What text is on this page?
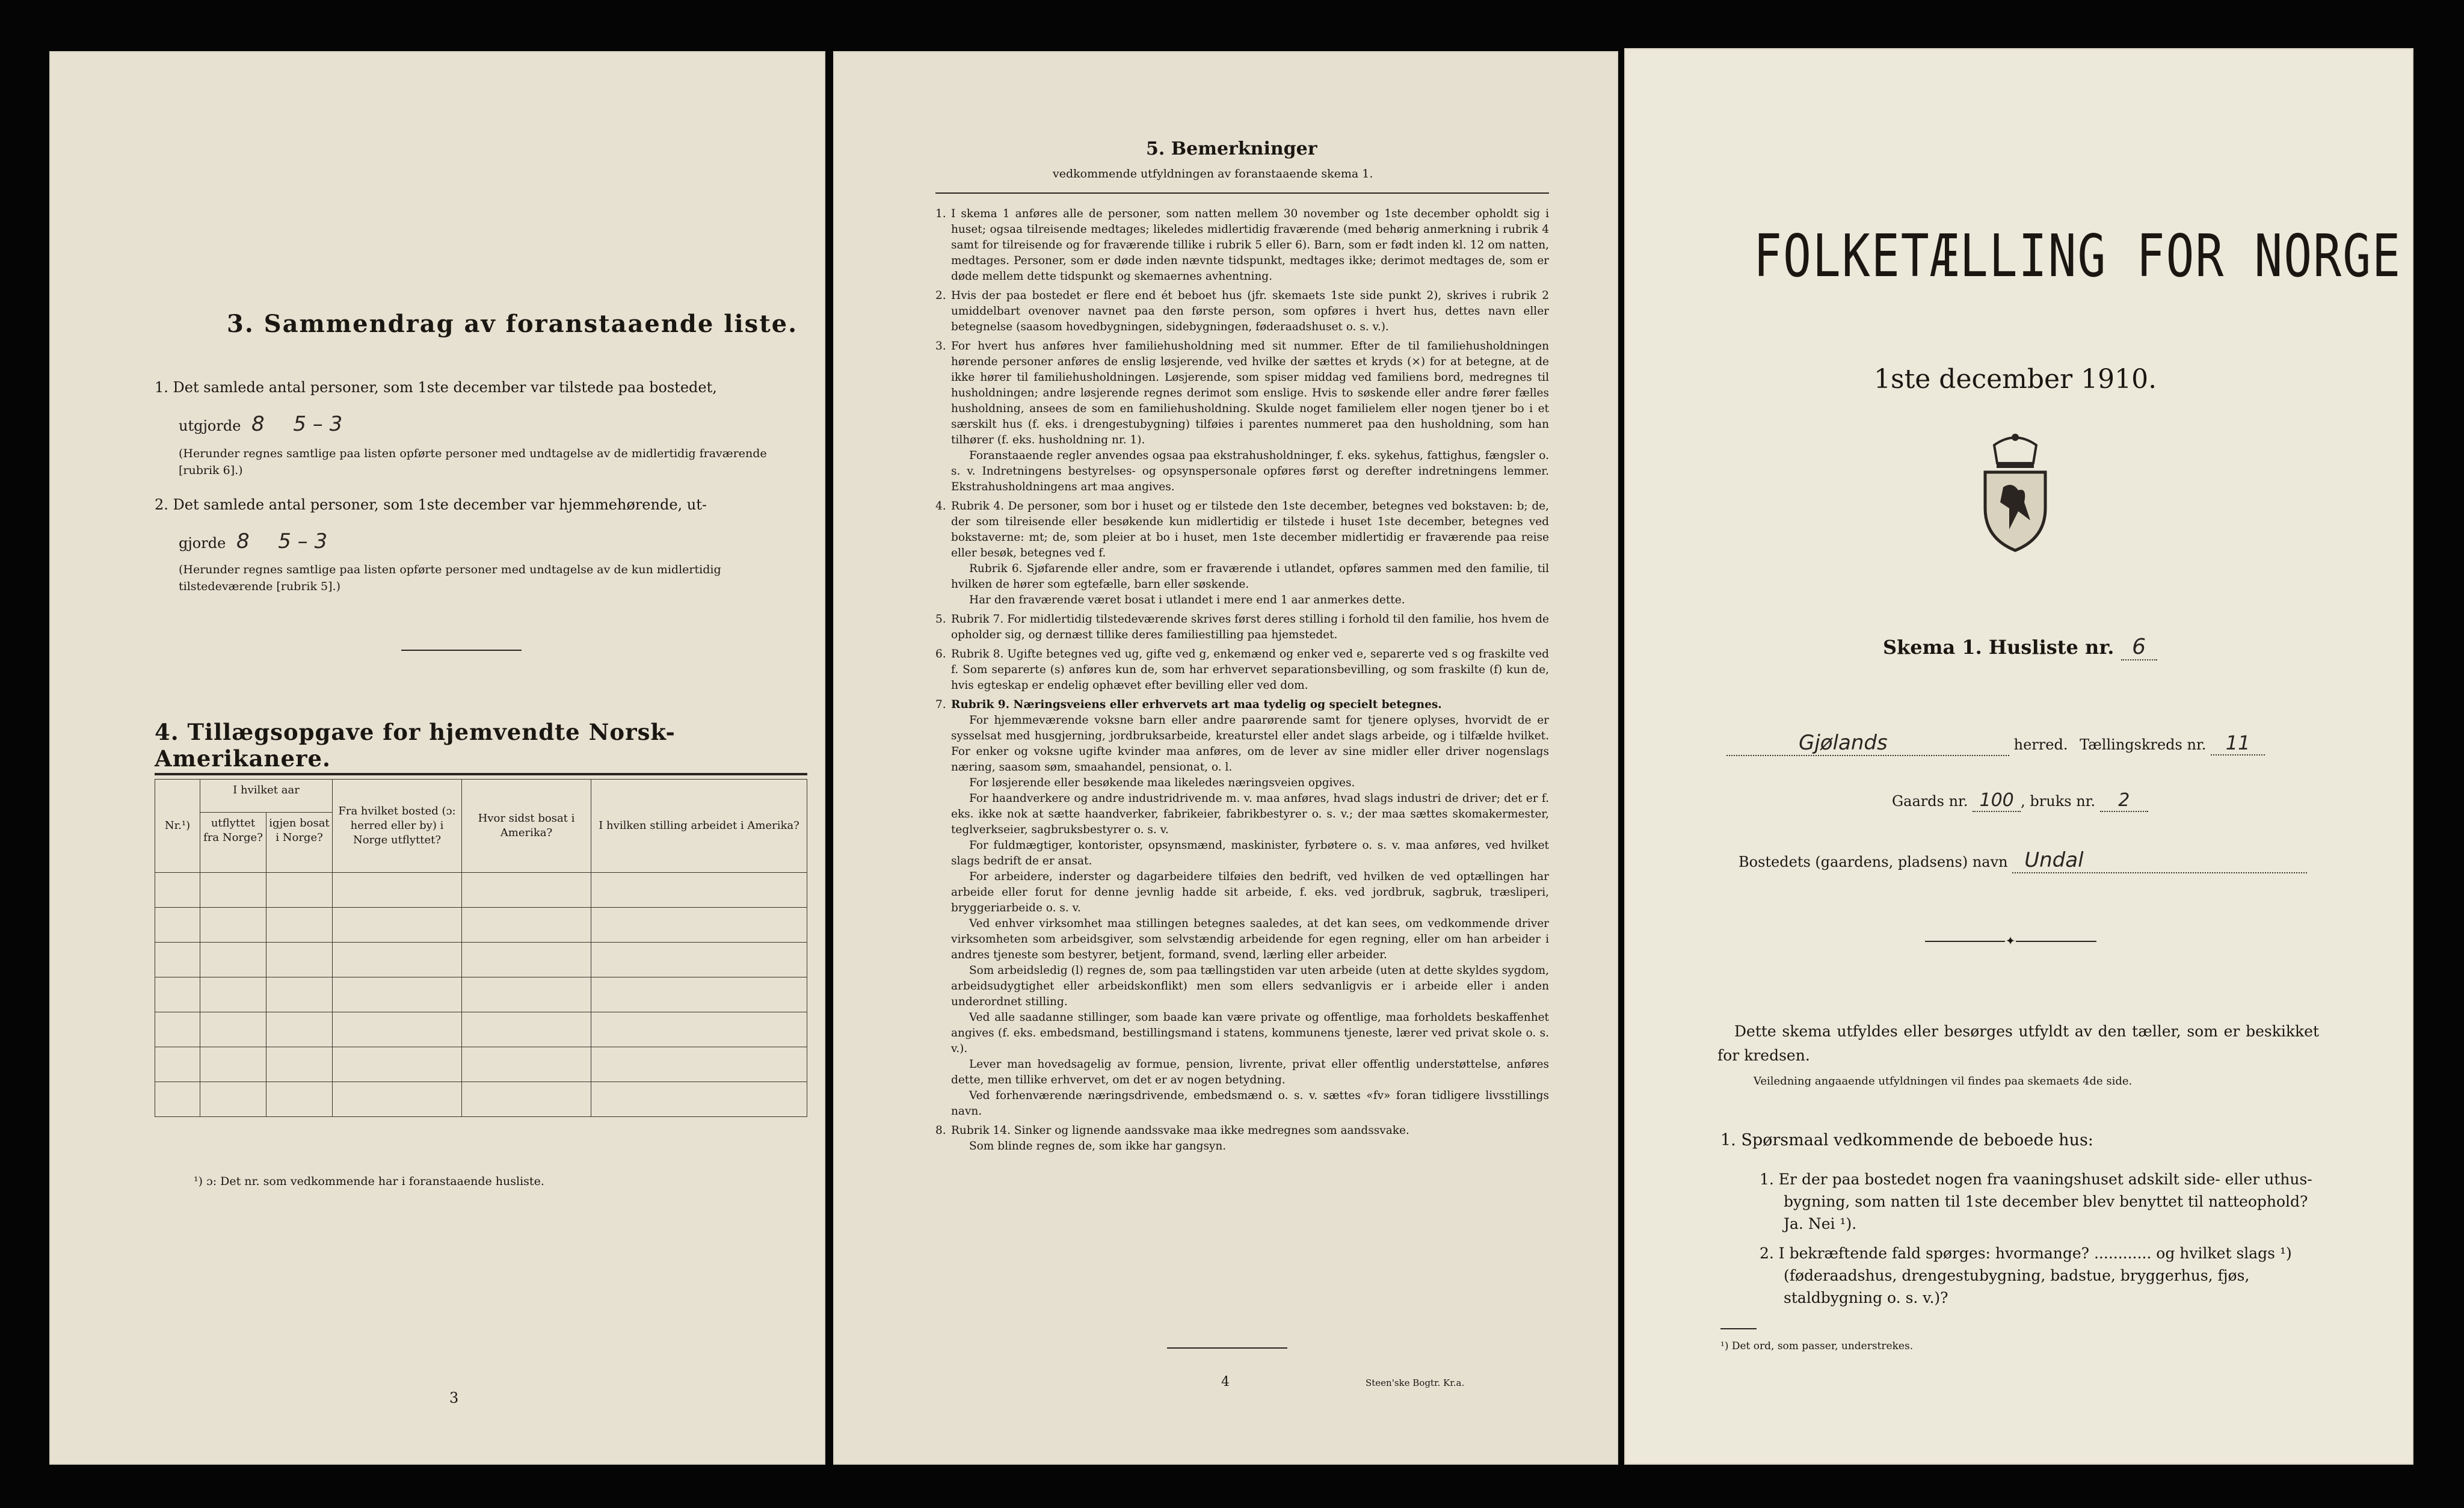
3. Sammendrag av foranstaaende liste.
1. Det samlede antal personer, som 1ste december var tilstede paa bostedet,
utgjorde 8 5 – 3
(Herunder regnes samtlige paa listen opførte personer med undtagelse av de midlertidig fraværende [rubrik 6].)
2. Det samlede antal personer, som 1ste december var hjemmehørende, ut-
gjorde 8 5 – 3
(Herunder regnes samtlige paa listen opførte personer med undtagelse av de kun midlertidig tilstedeværende [rubrik 5].)
4. Tillægsopgave for hjemvendte Norsk-Amerikanere.
Nr.¹)	I hvilket aar		Fra hvilket bosted (ɔ: herred eller by) i Norge utflyttet?	Hvor sidst bosat i Amerika?	I hvilken stilling arbeidet i Amerika?
	utflyttet fra Norge?	igjen bosat i Norge?			

¹) ɔ: Det nr. som vedkommende har i foranstaaende husliste.
3
5. Bemerkninger
vedkommende utfyldningen av foranstaaende skema 1.

1. I skema 1 anføres alle de personer, som natten mellem 30 november og 1ste december opholdt sig i huset; ogsaa tilreisende medtages; likeledes midlertidig fraværende (med behørig anmerkning i rubrik 4 samt for tilreisende og for fraværende tillike i rubrik 5 eller 6). Barn, som er født inden kl. 12 om natten, medtages. Personer, som er døde inden nævnte tidspunkt, medtages ikke; derimot medtages de, som er døde mellem dette tidspunkt og skemaernes avhentning.

2. Hvis der paa bostedet er flere end ét beboet hus (jfr. skemaets 1ste side punkt 2), skrives i rubrik 2 umiddelbart ovenover navnet paa den første person, som opføres i hvert hus, dettes navn eller betegnelse (saasom hovedbygningen, sidebygningen, føderaadshuset o. s. v.).

3. For hvert hus anføres hver familiehusholdning med sit nummer. Efter de til familiehusholdningen hørende personer anføres de enslig løsjerende, ved hvilke der sættes et kryds (×) for at betegne, at de ikke hører til familiehusholdningen. Løsjerende, som spiser middag ved familiens bord, medregnes til husholdningen; andre løsjerende regnes derimot som enslige. Hvis to søskende eller andre fører fælles husholdning, ansees de som en familiehusholdning. Skulde noget familielem eller nogen tjener bo i et særskilt hus (f. eks. i drengestubygning) tilføies i parentes nummeret paa den husholdning, som han tilhører (f. eks. husholdning nr. 1).

Foranstaaende regler anvendes ogsaa paa ekstrahusholdninger, f. eks. sykehus, fattighus, fængsler o. s. v. Indretningens bestyrelses- og opsynspersonale opføres først og derefter indretningens lemmer. Ekstrahusholdningens art maa angives.

4. Rubrik 4. De personer, som bor i huset og er tilstede den 1ste december, betegnes ved bokstaven: b; de, der som tilreisende eller besøkende kun midlertidig er tilstede i huset 1ste december, betegnes ved bokstaverne: mt; de, som pleier at bo i huset, men 1ste december midlertidig er fraværende paa reise eller besøk, betegnes ved f.

Rubrik 6. Sjøfarende eller andre, som er fraværende i utlandet, opføres sammen med den familie, til hvilken de hører som egtefælle, barn eller søskende.

Har den fraværende været bosat i utlandet i mere end 1 aar anmerkes dette.

5. Rubrik 7. For midlertidig tilstedeværende skrives først deres stilling i forhold til den familie, hos hvem de opholder sig, og dernæst tillike deres familiestilling paa hjemstedet.

6. Rubrik 8. Ugifte betegnes ved ug, gifte ved g, enkemænd og enker ved e, separerte ved s og fraskilte ved f. Som separerte (s) anføres kun de, som har erhvervet separationsbevilling, og som fraskilte (f) kun de, hvis egteskap er endelig ophævet efter bevilling eller ved dom.

7. Rubrik 9. Næringsveiens eller erhvervets art maa tydelig og specielt betegnes.

For hjemmeværende voksne barn eller andre paarørende samt for tjenere oplyses, hvorvidt de er sysselsat med husgjerning, jordbruksarbeide, kreaturstel eller andet slags arbeide, og i tilfælde hvilket. For enker og voksne ugifte kvinder maa anføres, om de lever av sine midler eller driver nogenslags næring, saasom søm, smaahandel, pensionat, o. l.

For løsjerende eller besøkende maa likeledes næringsveien opgives.

For haandverkere og andre industridrivende m. v. maa anføres, hvad slags industri de driver; det er f. eks. ikke nok at sætte haandverker, fabrikeier, fabrikbestyrer o. s. v.; der maa sættes skomakermester, teglverkseier, sagbruksbestyrer o. s. v.

For fuldmægtiger, kontorister, opsynsmænd, maskinister, fyrbøtere o. s. v. maa anføres, ved hvilket slags bedrift de er ansat.

For arbeidere, inderster og dagarbeidere tilføies den bedrift, ved hvilken de ved optællingen har arbeide eller forut for denne jevnlig hadde sit arbeide, f. eks. ved jordbruk, sagbruk, træsliperi, bryggeriarbeide o. s. v.

Ved enhver virksomhet maa stillingen betegnes saaledes, at det kan sees, om vedkommende driver virksomheten som arbeidsgiver, som selvstændig arbeidende for egen regning, eller om han arbeider i andres tjeneste som bestyrer, betjent, formand, svend, lærling eller arbeider.

Som arbeidsledig (l) regnes de, som paa tællingstiden var uten arbeide (uten at dette skyldes sygdom, arbeidsudygtighet eller arbeidskonflikt) men som ellers sedvanligvis er i arbeide eller i anden underordnet stilling.

Ved alle saadanne stillinger, som baade kan være private og offentlige, maa forholdets beskaffenhet angives (f. eks. embedsmand, bestillingsmand i statens, kommunens tjeneste, lærer ved privat skole o. s. v.).

Lever man hovedsagelig av formue, pension, livrente, privat eller offentlig understøttelse, anføres dette, men tillike erhvervet, om det er av nogen betydning.

Ved forhenværende næringsdrivende, embedsmænd o. s. v. sættes «fv» foran tidligere livsstillings navn.

8. Rubrik 14. Sinker og lignende aandssvake maa ikke medregnes som aandssvake.

Som blinde regnes de, som ikke har gangsyn.

4	Steen'ske Bogtr. Kr.a.
FOLKETÆLLING FOR NORGE
1ste december 1910.
Skema 1. Husliste nr. 6
Gjølands	herred. Tællingskreds nr. 11
Gaards nr. 100 , bruks nr. 2
Bostedets (gaardens, pladsens) navn Undal
✦
Dette skema utfyldes eller besørges utfyldt av den tæller, som er beskikket for kredsen.
Veiledning angaaende utfyldningen vil findes paa skemaets 4de side.
1. Spørsmaal vedkommende de beboede hus:
1. Er der paa bostedet nogen fra vaaningshuset adskilt side- eller uthus-bygning, som natten til 1ste december blev benyttet til natteophold? Ja. Nei ¹).
2. I bekræftende fald spørges: hvormange? ............ og hvilket slags ¹) (føderaadshus, drengestubygning, badstue, bryggerhus, fjøs, staldbygning o. s. v.)?
¹) Det ord, som passer, understrekes.
